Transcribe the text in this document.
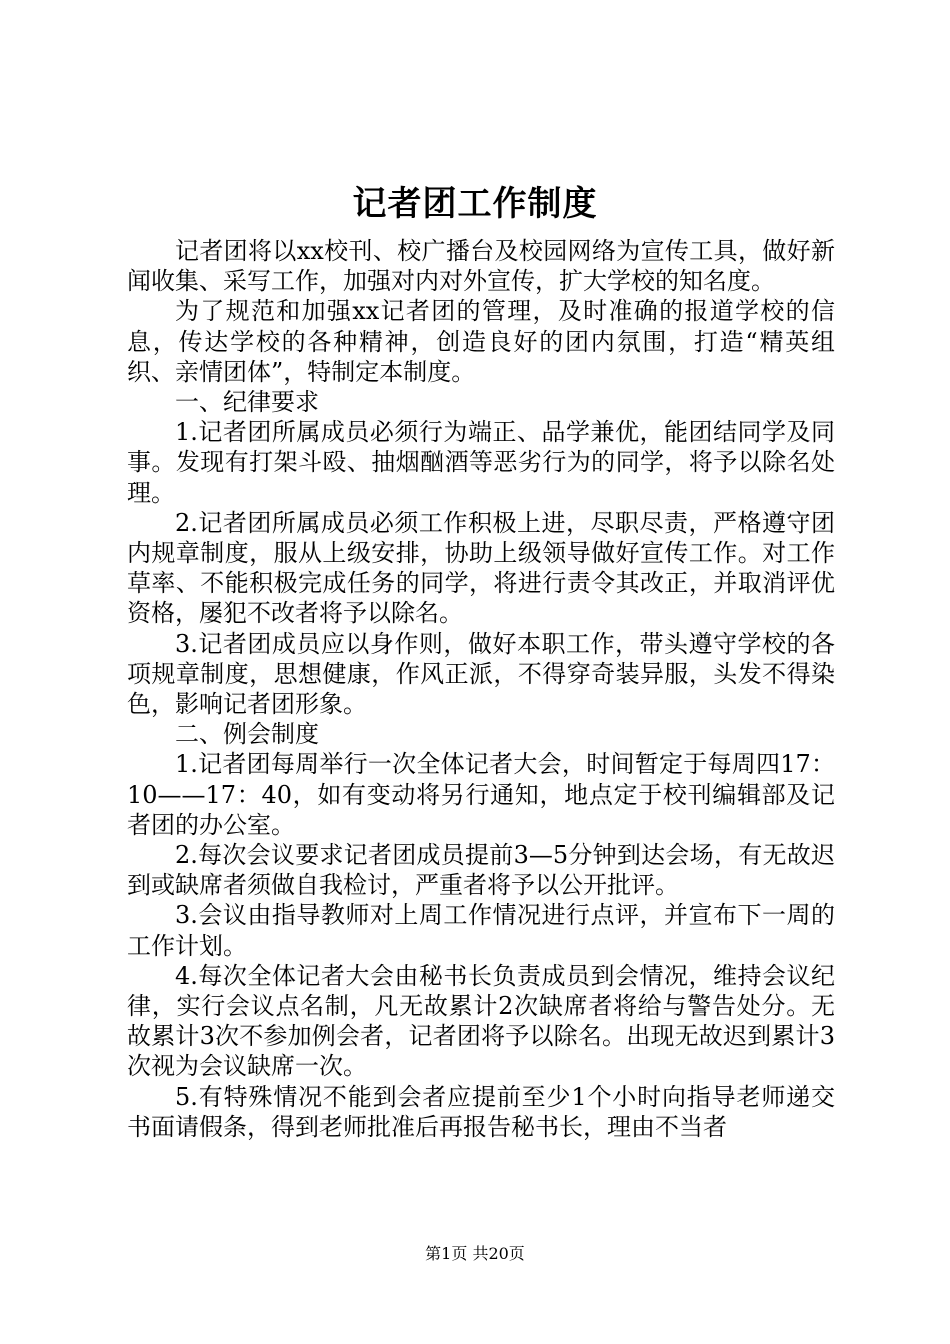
记者团工作制度

记者团将以xx校刊、校广播台及校园网络为宣传工具，做好新闻收集、采写工作，加强对内对外宣传，扩大学校的知名度。

为了规范和加强xx记者团的管理，及时准确的报道学校的信息，传达学校的各种精神，创造良好的团内氛围，打造“精英组织、亲情团体”，特制定本制度。

一、纪律要求

1.记者团所属成员必须行为端正、品学兼优，能团结同学及同事。发现有打架斗殴、抽烟酗酒等恶劣行为的同学，将予以除名处理。

2.记者团所属成员必须工作积极上进，尽职尽责，严格遵守团内规章制度，服从上级安排，协助上级领导做好宣传工作。对工作草率、不能积极完成任务的同学，将进行责令其改正，并取消评优资格，屡犯不改者将予以除名。

3.记者团成员应以身作则，做好本职工作，带头遵守学校的各项规章制度，思想健康，作风正派，不得穿奇装异服，头发不得染色，影响记者团形象。

二、例会制度

1.记者团每周举行一次全体记者大会，时间暂定于每周四17：10——17：40，如有变动将另行通知，地点定于校刊编辑部及记者团的办公室。

2.每次会议要求记者团成员提前3—5分钟到达会场，有无故迟到或缺席者须做自我检讨，严重者将予以公开批评。

3.会议由指导教师对上周工作情况进行点评，并宣布下一周的工作计划。

4.每次全体记者大会由秘书长负责成员到会情况，维持会议纪律，实行会议点名制，凡无故累计2次缺席者将给与警告处分。无故累计3次不参加例会者，记者团将予以除名。出现无故迟到累计3次视为会议缺席一次。

5.有特殊情况不能到会者应提前至少1个小时向指导老师递交书面请假条，得到老师批准后再报告秘书长，理由不当者

第1页 共20页
